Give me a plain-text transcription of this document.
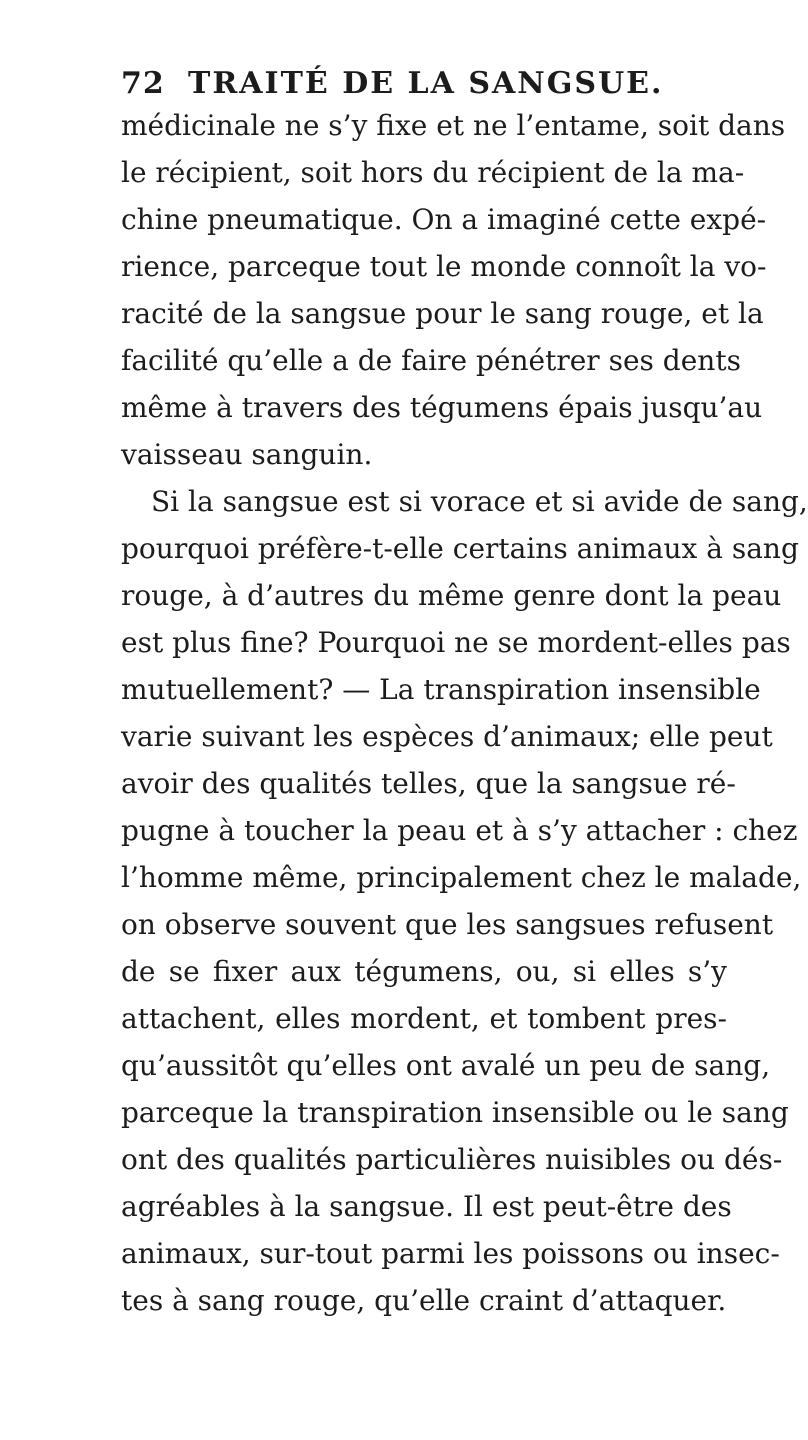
72 TRAITÉ DE LA SANGSUE.
médicinale ne s’y fixe et ne l’entame, soit dans
le récipient, soit hors du récipient de la ma-
chine pneumatique. On a imaginé cette expé-
rience, parceque tout le monde connoît la vo-
racité de la sangsue pour le sang rouge, et la
facilité qu’elle a de faire pénétrer ses dents
même à travers des tégumens épais jusqu’au
vaisseau sanguin.
Si la sangsue est si vorace et si avide de sang,
pourquoi préfère-t-elle certains animaux à sang
rouge, à d’autres du même genre dont la peau
est plus fine? Pourquoi ne se mordent-elles pas
mutuellement? — La transpiration insensible
varie suivant les espèces d’animaux; elle peut
avoir des qualités telles, que la sangsue ré-
pugne à toucher la peau et à s’y attacher : chez
l’homme même, principalement chez le malade,
on observe souvent que les sangsues refusent
de se fixer aux tégumens, ou, si elles s’y
attachent, elles mordent, et tombent pres-
qu’aussitôt qu’elles ont avalé un peu de sang,
parceque la transpiration insensible ou le sang
ont des qualités particulières nuisibles ou dés-
agréables à la sangsue. Il est peut-être des
animaux, sur-tout parmi les poissons ou insec-
tes à sang rouge, qu’elle craint d’attaquer.
